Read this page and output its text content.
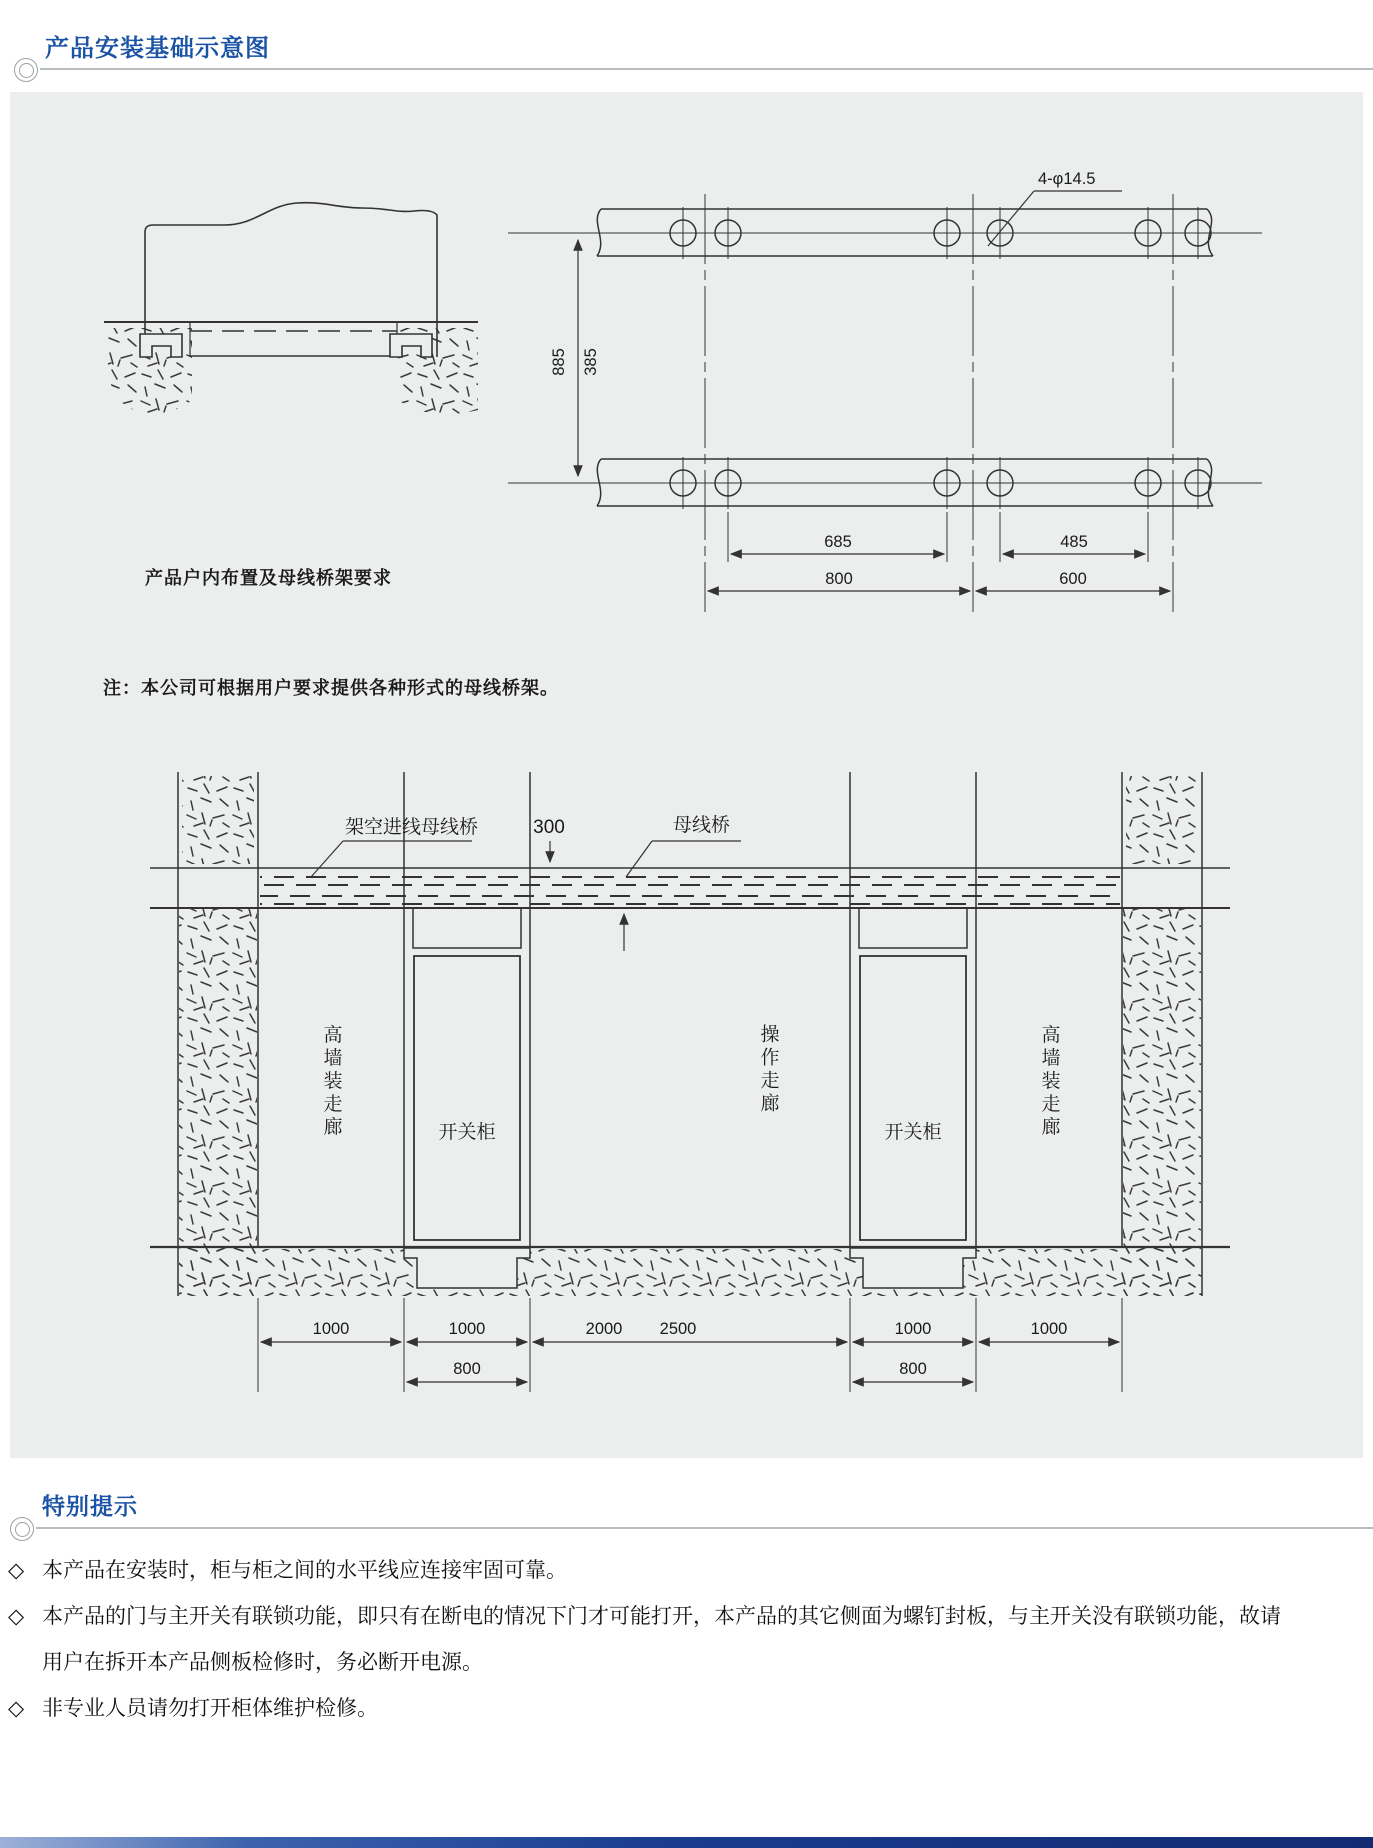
产品安装基础示意图
4-φ14.5
885 385
685	485
800	600
产品户内布置及母线桥架要求
注：本公司可根据用户要求提供各种形式的母线桥架。
架空进线母线桥	300	母线桥
高墙装走廊	开关柜
操作走廊
开关柜	高墙装走廊
1000	1000	2000 2500	1000	1000
800	800
特别提示
◇ 本产品在安装时，柜与柜之间的水平线应连接牢固可靠。
◇ 本产品的门与主开关有联锁功能，即只有在断电的情况下门才可能打开，本产品的其它侧面为螺钉封板，与主开关没有联锁功能，故请用户在拆开本产品侧板检修时，务必断开电源。
◇ 非专业人员请勿打开柜体维护检修。
